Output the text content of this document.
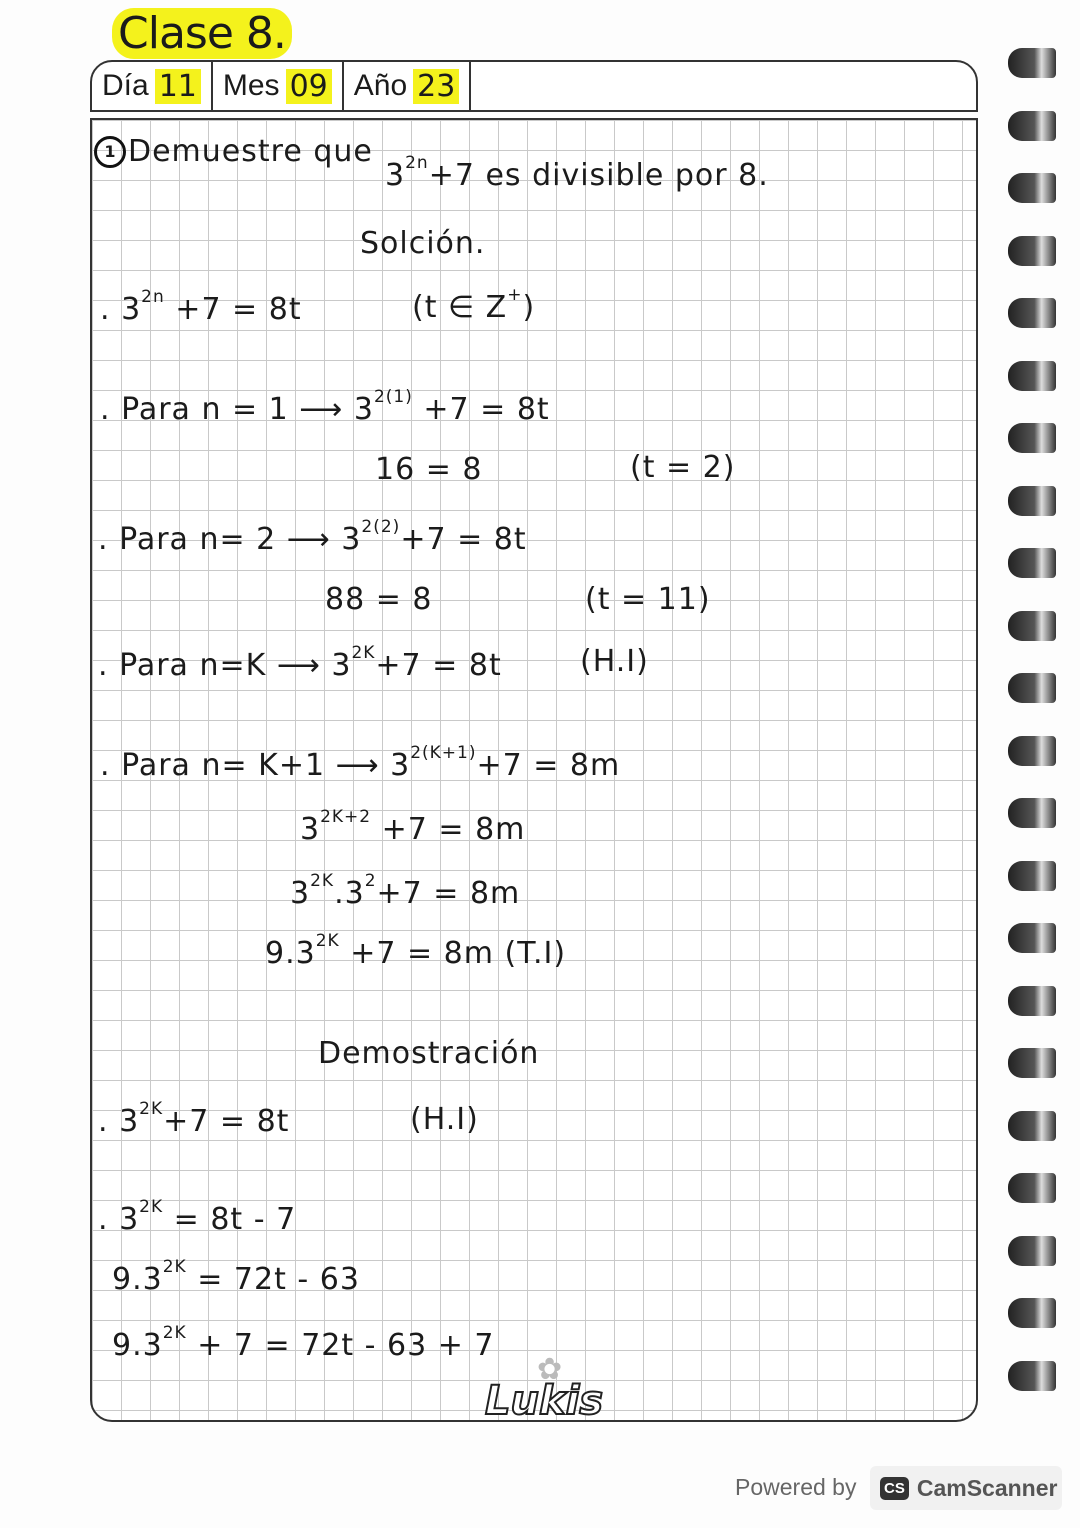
Clase 8.
Día 11 Mes 09 Año 23
1 Demuestre que
$3^{2n}+7$ es divisible por 8.
Solción.
. $3^{2n} +7 = 8t$	(t ∈ Z+)
. Para n = 1 ⟶ $3^{2(1)} +7 = 8t$
16 = 8	(t = 2)
. Para n= 2 ⟶ $3^{2(2)}+7 = 8t$
88 = 8	(t = 11)
. Para n=K ⟶ $3^{2K}+7 = 8t$	(H.I)
. Para n= K+1 ⟶ $3^{2(K+1)}+7 = 8m$
$3^{2K+2} +7 = 8m$
$3^{2K}.3^2+7 = 8m$
$9.3^{2K} +7 = 8m$ (T.I)
Demostración
. $3^{2K}+7 = 8t$	(H.I)
. $3^{2K} = 8t - 7$
$9.3^{2K} = 72t - 63$
$9.3^{2K} + 7 = 72t - 63 + 7$
✿
Lukis
Powered by CS CamScanner
